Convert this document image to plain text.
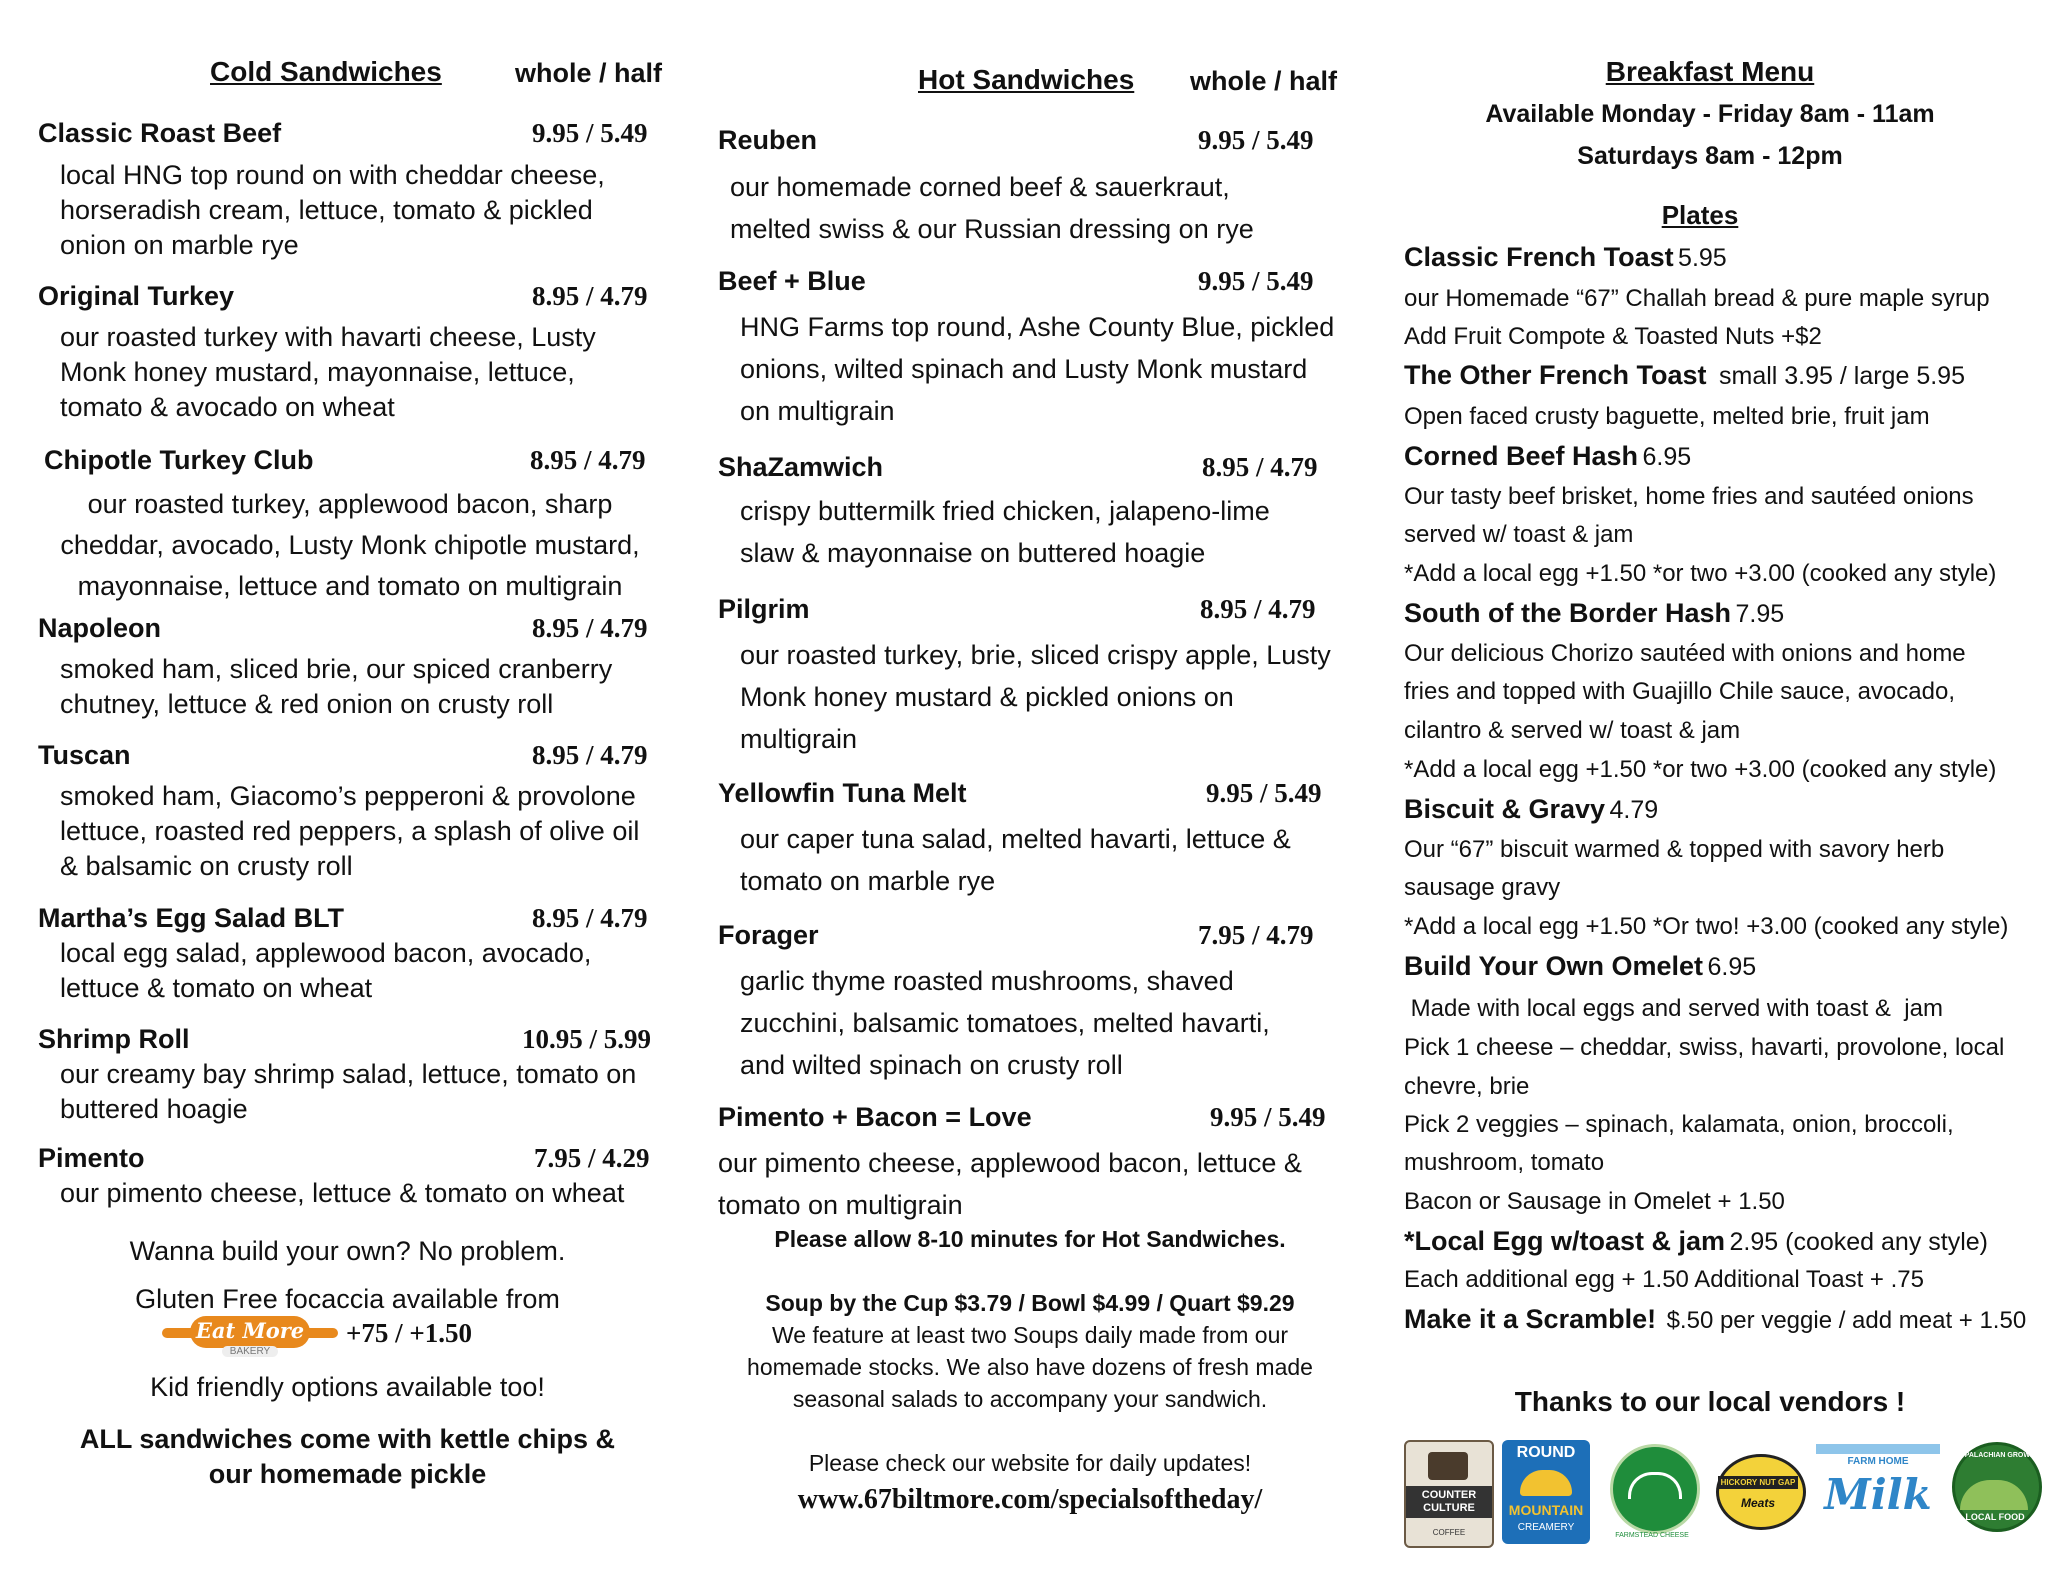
Cold Sandwiches	whole / half
Classic Roast Beef	9.95 / 5.49
local HNG top round on with cheddar cheese, horseradish cream, lettuce, tomato & pickled onion on marble rye
Original Turkey	8.95 / 4.79
our roasted turkey with havarti cheese, Lusty Monk honey mustard, mayonnaise, lettuce, tomato & avocado on wheat
Chipotle Turkey Club	8.95 / 4.79
our roasted turkey, applewood bacon, sharp cheddar, avocado, Lusty Monk chipotle mustard, mayonnaise, lettuce and tomato on multigrain
Napoleon	8.95 / 4.79
smoked ham, sliced brie, our spiced cranberry chutney, lettuce & red onion on crusty roll
Tuscan	8.95 / 4.79
smoked ham, Giacomo’s pepperoni & provolone lettuce, roasted red peppers, a splash of olive oil & balsamic on crusty roll
Martha’s Egg Salad BLT	8.95 / 4.79
local egg salad, applewood bacon, avocado, lettuce & tomato on wheat
Shrimp Roll	10.95 / 5.99
our creamy bay shrimp salad, lettuce, tomato on buttered hoagie
Pimento	7.95 / 4.29
our pimento cheese, lettuce & tomato on wheat
Wanna build your own? No problem.
Gluten Free focaccia available from
Eat More
BAKERY
+75 / +1.50
Kid friendly options available too!
ALL sandwiches come with kettle chips &
our homemade pickle
Hot Sandwiches whole / half
Reuben	9.95 / 5.49
our homemade corned beef & sauerkraut, melted swiss & our Russian dressing on rye
Beef + Blue	9.95 / 5.49
HNG Farms top round, Ashe County Blue, pickled onions, wilted spinach and Lusty Monk mustard on multigrain
ShaZamwich	8.95 / 4.79
crispy buttermilk fried chicken, jalapeno-lime slaw & mayonnaise on buttered hoagie
Pilgrim	8.95 / 4.79
our roasted turkey, brie, sliced crispy apple, Lusty Monk honey mustard & pickled onions on multigrain
Yellowfin Tuna Melt	9.95 / 5.49
our caper tuna salad, melted havarti, lettuce & tomato on marble rye
Forager	7.95 / 4.79
garlic thyme roasted mushrooms, shaved zucchini, balsamic tomatoes, melted havarti, and wilted spinach on crusty roll
Pimento + Bacon = Love	9.95 / 5.49
our pimento cheese, applewood bacon, lettuce & tomato on multigrain
Please allow 8-10 minutes for Hot Sandwiches.
Soup by the Cup $3.79 / Bowl $4.99 / Quart $9.29
We feature at least two Soups daily made from our
homemade stocks. We also have dozens of fresh made
seasonal salads to accompany your sandwich.
Please check our website for daily updates!
www.67biltmore.com/specialsoftheday/
Breakfast Menu
Available Monday - Friday 8am - 11am
Saturdays 8am - 12pm
Plates
Classic French Toast 5.95
our Homemade “67” Challah bread & pure maple syrup
Add Fruit Compote & Toasted Nuts +$2
The Other French Toast small 3.95 / large 5.95
Open faced crusty baguette, melted brie, fruit jam
Corned Beef Hash 6.95
Our tasty beef brisket, home fries and sautéed onions
served w/ toast & jam
*Add a local egg +1.50 *or two +3.00 (cooked any style)
South of the Border Hash 7.95
Our delicious Chorizo sautéed with onions and home
fries and topped with Guajillo Chile sauce, avocado,
cilantro & served w/ toast & jam
*Add a local egg +1.50 *or two +3.00 (cooked any style)
Biscuit & Gravy 4.79
Our “67” biscuit warmed & topped with savory herb
sausage gravy
*Add a local egg +1.50 *Or two! +3.00 (cooked any style)
Build Your Own Omelet 6.95
Made with local eggs and served with toast &  jam
Pick 1 cheese – cheddar, swiss, havarti, provolone, local
chevre, brie
Pick 2 veggies – spinach, kalamata, onion, broccoli,
mushroom, tomato
Bacon or Sausage in Omelet + 1.50
*Local Egg w/toast & jam 2.95 (cooked any style)
Each additional egg + 1.50 Additional Toast + .75
Make it a Scramble! $.50 per veggie / add meat + 1.50
Thanks to our local vendors !
COUNTER CULTURE
COFFEE
ROUND
MOUNTAIN
CREAMERY
FARMSTEAD CHEESE
HICKORY NUT GAP
Meats
FARM HOME
Milk
APPALACHIAN GROWN
LOCAL FOOD
